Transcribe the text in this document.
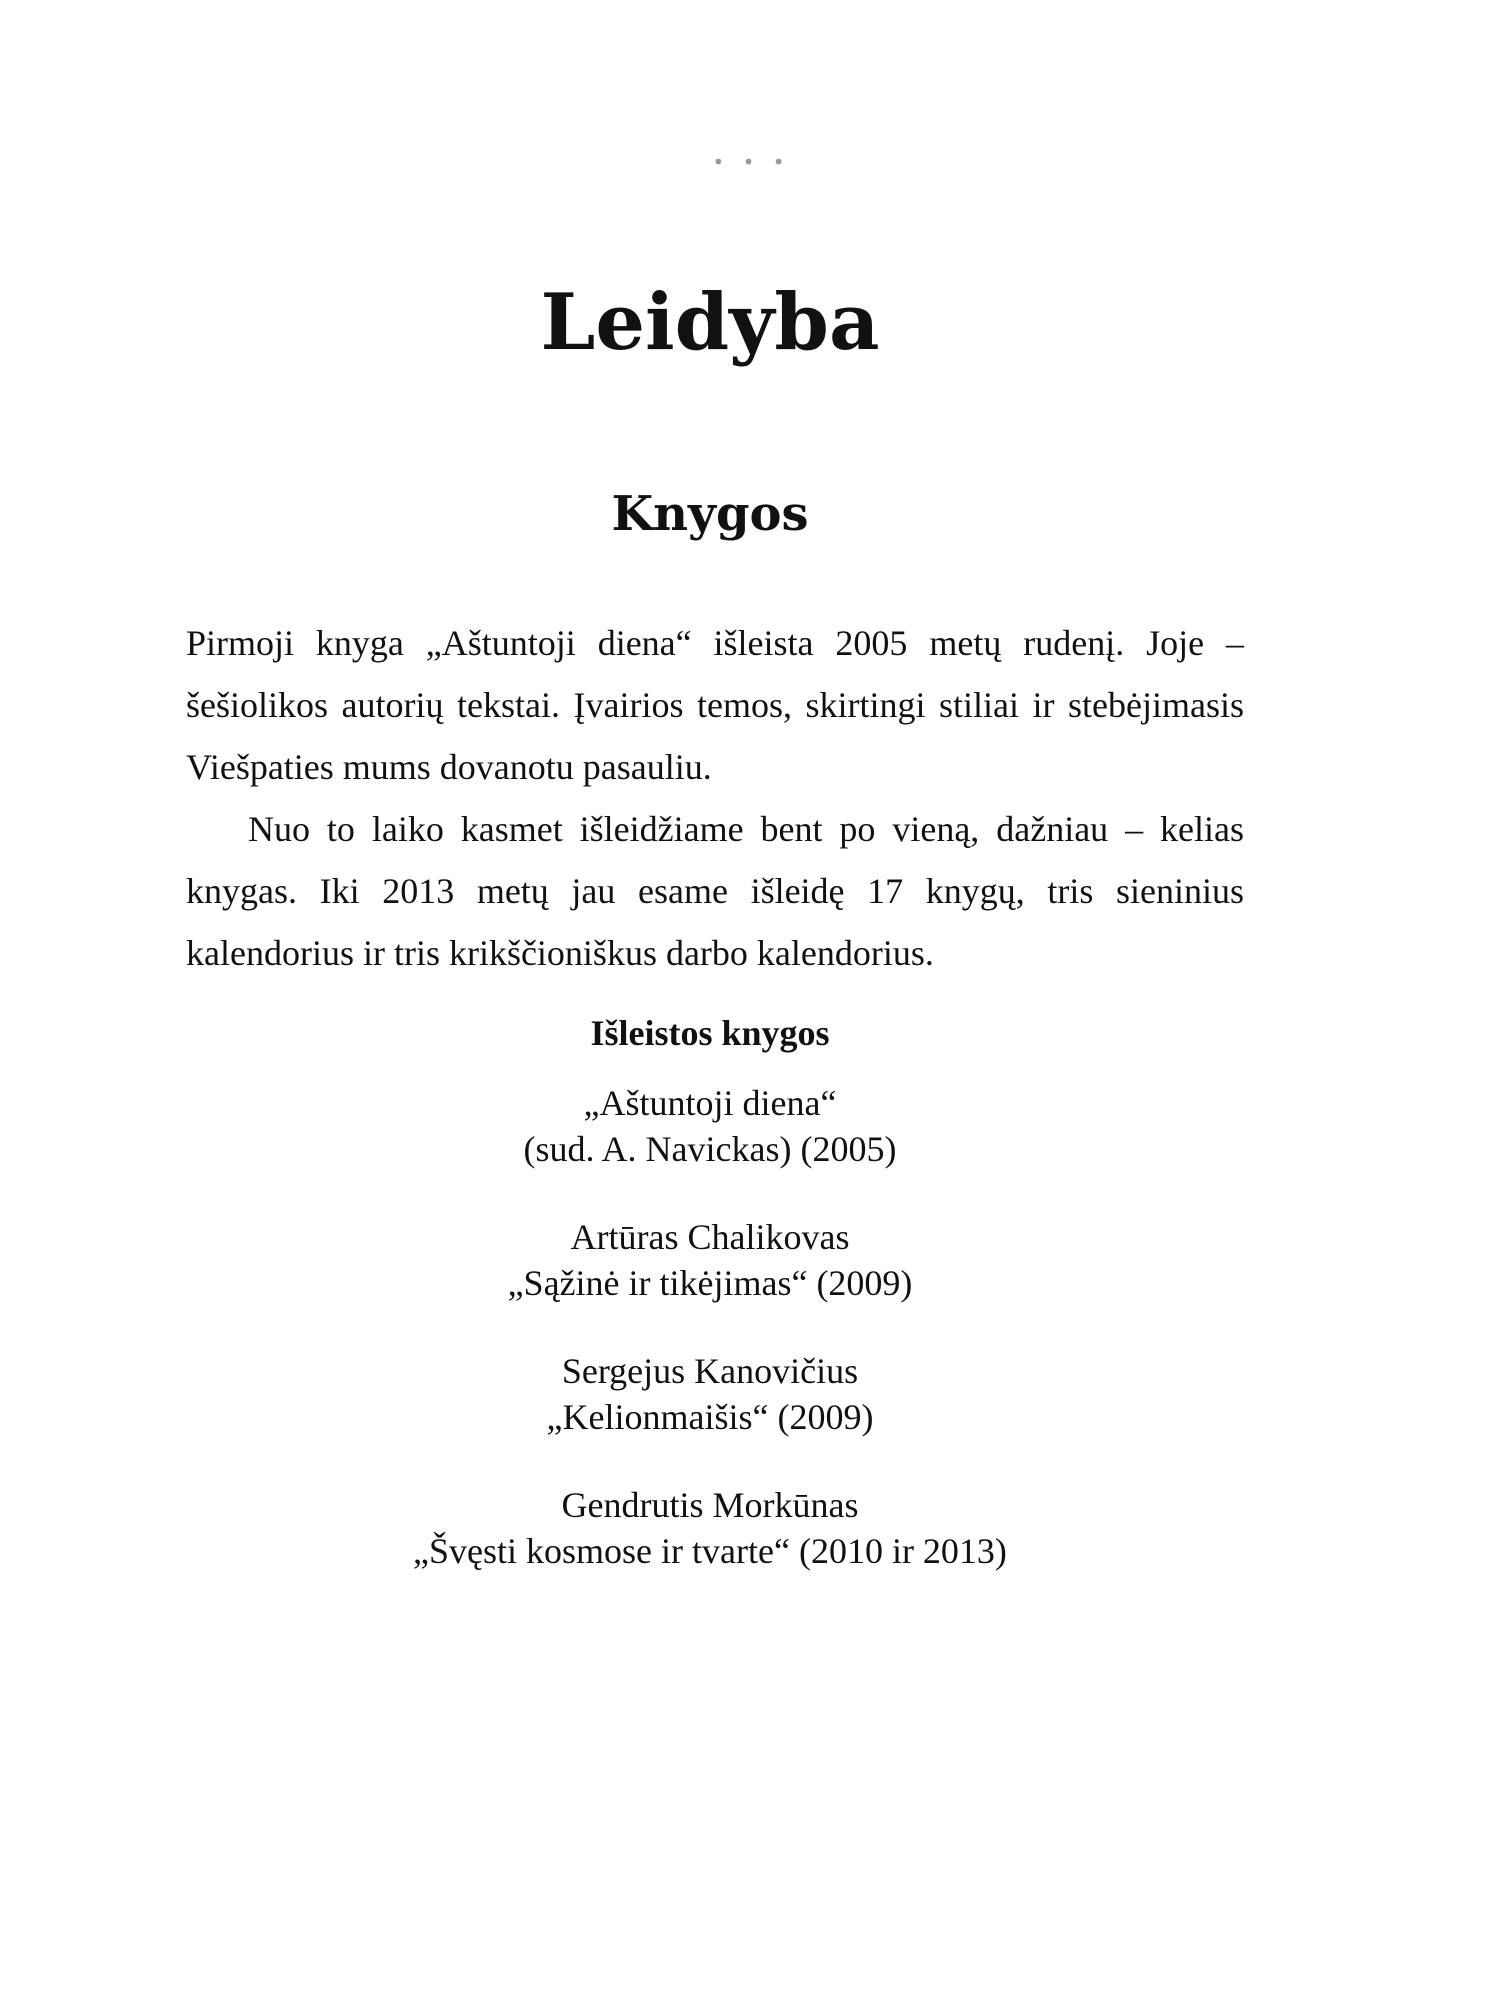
• • •
Leidyba
Knygos

Pirmoji knyga „Aštuntoji diena“ išleista 2005 metų rudenį. Joje – šešiolikos autorių tekstai. Įvairios temos, skirtingi stiliai ir stebėjimasis Viešpaties mums dovanotu pasauliu.

Nuo to laiko kasmet išleidžiame bent po vieną, dažniau – kelias knygas. Iki 2013 metų jau esame išleidę 17 knygų, tris sieninius kalendorius ir tris krikščioniškus darbo kalendorius.

Išleistos knygos
„Aštuntoji diena“
(sud. A. Navickas) (2005)
Artūras Chalikovas
„Sąžinė ir tikėjimas“ (2009)
Sergejus Kanovičius
„Kelionmaišis“ (2009)
Gendrutis Morkūnas
„Švęsti kosmose ir tvarte“ (2010 ir 2013)
